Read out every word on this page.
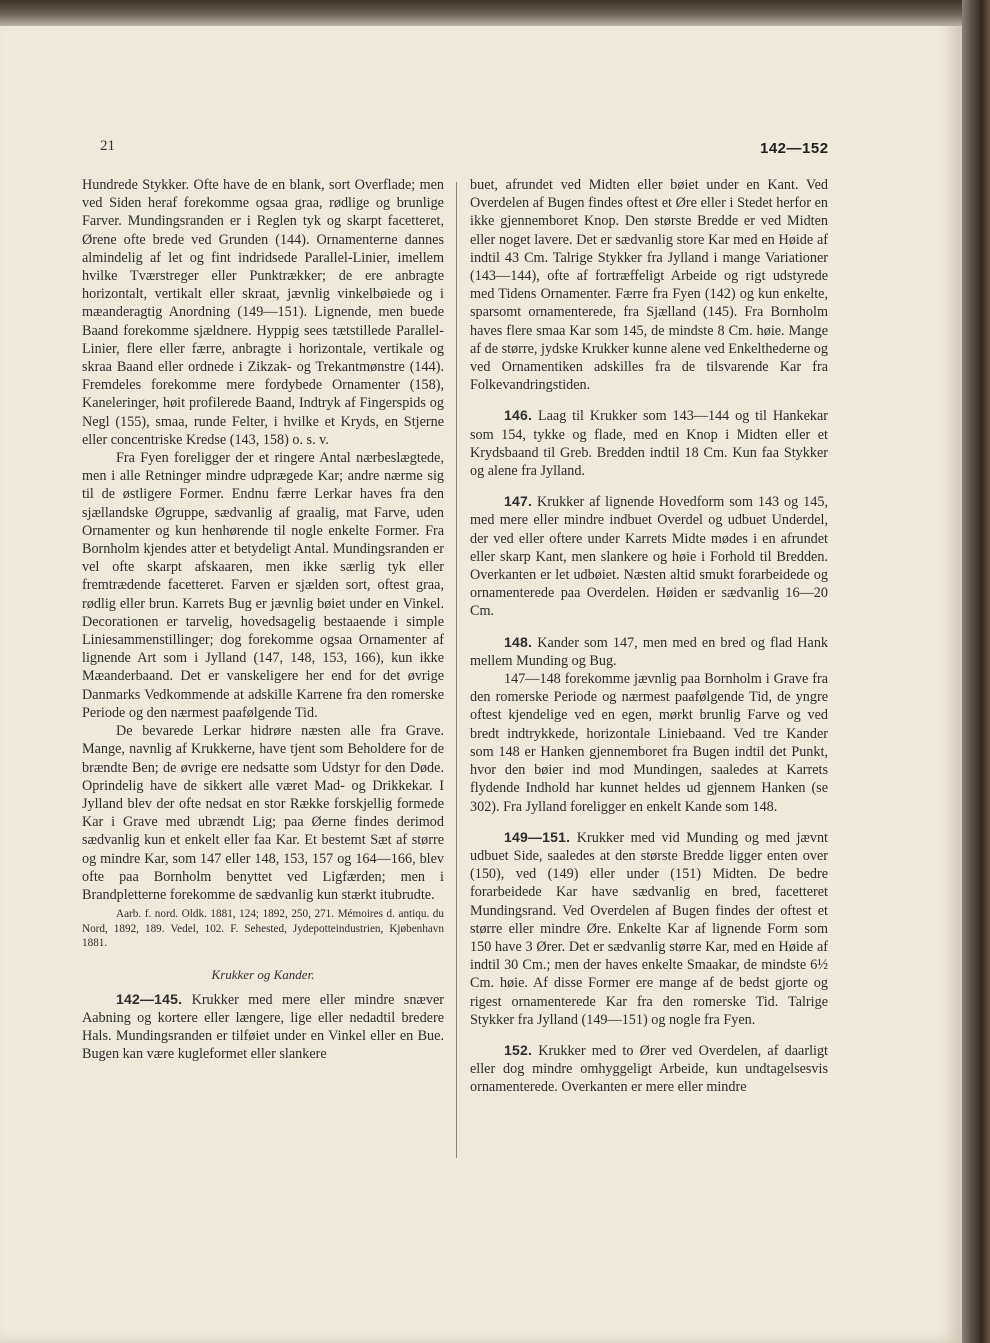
21	142—152

Hundrede Stykker. Ofte have de en blank, sort Overflade; men ved Siden heraf forekomme ogsaa graa, rødlige og brunlige Farver. Mundingsranden er i Reglen tyk og skarpt facetteret, Ørene ofte brede ved Grunden (144). Ornamenterne dannes almindelig af let og fint indridsede Parallel-Linier, imellem hvilke Tværstreger eller Punktrækker; de ere anbragte horizontalt, vertikalt eller skraat, jævnlig vinkelbøiede og i mæanderagtig Anordning (149—151). Lignende, men buede Baand forekomme sjældnere. Hyppig sees tætstillede Parallel-Linier, flere eller færre, anbragte i horizontale, vertikale og skraa Baand eller ordnede i Zikzak- og Trekantmønstre (144). Fremdeles forekomme mere fordybede Ornamenter (158), Kaneleringer, høit profilerede Baand, Indtryk af Fingerspids og Negl (155), smaa, runde Felter, i hvilke et Kryds, en Stjerne eller concentriske Kredse (143, 158) o. s. v.

Fra Fyen foreligger der et ringere Antal nærbeslægtede, men i alle Retninger mindre udprægede Kar; andre nærme sig til de østligere Former. Endnu færre Lerkar haves fra den sjællandske Øgruppe, sædvanlig af graalig, mat Farve, uden Ornamenter og kun henhørende til nogle enkelte Former. Fra Bornholm kjendes atter et betydeligt Antal. Mundingsranden er vel ofte skarpt afskaaren, men ikke særlig tyk eller fremtrædende facetteret. Farven er sjælden sort, oftest graa, rødlig eller brun. Karrets Bug er jævnlig bøiet under en Vinkel. Decorationen er tarvelig, hovedsagelig bestaaende i simple Liniesammenstillinger; dog forekomme ogsaa Ornamenter af lignende Art som i Jylland (147, 148, 153, 166), kun ikke Mæanderbaand. Det er vanskeligere her end for det øvrige Danmarks Vedkommende at adskille Karrene fra den romerske Periode og den nærmest paafølgende Tid.

De bevarede Lerkar hidrøre næsten alle fra Grave. Mange, navnlig af Krukkerne, have tjent som Beholdere for de brændte Ben; de øvrige ere nedsatte som Udstyr for den Døde. Oprindelig have de sikkert alle været Mad- og Drikkekar. I Jylland blev der ofte nedsat en stor Række forskjellig formede Kar i Grave med ubrændt Lig; paa Øerne findes derimod sædvanlig kun et enkelt eller faa Kar. Et bestemt Sæt af større og mindre Kar, som 147 eller 148, 153, 157 og 164—166, blev ofte paa Bornholm benyttet ved Ligfærden; men i Brandpletterne forekomme de sædvanlig kun stærkt itubrudte.

Aarb. f. nord. Oldk. 1881, 124; 1892, 250, 271. Mémoires d. antiqu. du Nord, 1892, 189. Vedel, 102. F. Sehested, Jydepotteindustrien, Kjøbenhavn 1881.

Krukker og Kander.

142—145. Krukker med mere eller mindre snæver Aabning og kortere eller længere, lige eller nedadtil bredere Hals. Mundingsranden er tilføiet under en Vinkel eller en Bue. Bugen kan være kugleformet eller slankere

buet, afrundet ved Midten eller bøiet under en Kant. Ved Overdelen af Bugen findes oftest et Øre eller i Stedet herfor en ikke gjennemboret Knop. Den største Bredde er ved Midten eller noget lavere. Det er sædvanlig store Kar med en Høide af indtil 43 Cm. Talrige Stykker fra Jylland i mange Variationer (143—144), ofte af fortræffeligt Arbeide og rigt udstyrede med Tidens Ornamenter. Færre fra Fyen (142) og kun enkelte, sparsomt ornamenterede, fra Sjælland (145). Fra Bornholm haves flere smaa Kar som 145, de mindste 8 Cm. høie. Mange af de større, jydske Krukker kunne alene ved Enkelthederne og ved Ornamentiken adskilles fra de tilsvarende Kar fra Folkevandringstiden.

146. Laag til Krukker som 143—144 og til Hankekar som 154, tykke og flade, med en Knop i Midten eller et Krydsbaand til Greb. Bredden indtil 18 Cm. Kun faa Stykker og alene fra Jylland.

147. Krukker af lignende Hovedform som 143 og 145, med mere eller mindre indbuet Overdel og udbuet Underdel, der ved eller oftere under Karrets Midte mødes i en afrundet eller skarp Kant, men slankere og høie i Forhold til Bredden. Overkanten er let udbøiet. Næsten altid smukt forarbeidede og ornamenterede paa Overdelen. Høiden er sædvanlig 16—20 Cm.

148. Kander som 147, men med en bred og flad Hank mellem Munding og Bug.

147—148 forekomme jævnlig paa Bornholm i Grave fra den romerske Periode og nærmest paafølgende Tid, de yngre oftest kjendelige ved en egen, mørkt brunlig Farve og ved bredt indtrykkede, horizontale Liniebaand. Ved tre Kander som 148 er Hanken gjennemboret fra Bugen indtil det Punkt, hvor den bøier ind mod Mundingen, saaledes at Karrets flydende Indhold har kunnet heldes ud gjennem Hanken (se 302). Fra Jylland foreligger en enkelt Kande som 148.

149—151. Krukker med vid Munding og med jævnt udbuet Side, saaledes at den største Bredde ligger enten over (150), ved (149) eller under (151) Midten. De bedre forarbeidede Kar have sædvanlig en bred, facetteret Mundingsrand. Ved Overdelen af Bugen findes der oftest et større eller mindre Øre. Enkelte Kar af lignende Form som 150 have 3 Ører. Det er sædvanlig større Kar, med en Høide af indtil 30 Cm.; men der haves enkelte Smaakar, de mindste 6½ Cm. høie. Af disse Former ere mange af de bedst gjorte og rigest ornamenterede Kar fra den romerske Tid. Talrige Stykker fra Jylland (149—151) og nogle fra Fyen.

152. Krukker med to Ører ved Overdelen, af daarligt eller dog mindre omhyggeligt Arbeide, kun undtagelsesvis ornamenterede. Overkanten er mere eller mindre
